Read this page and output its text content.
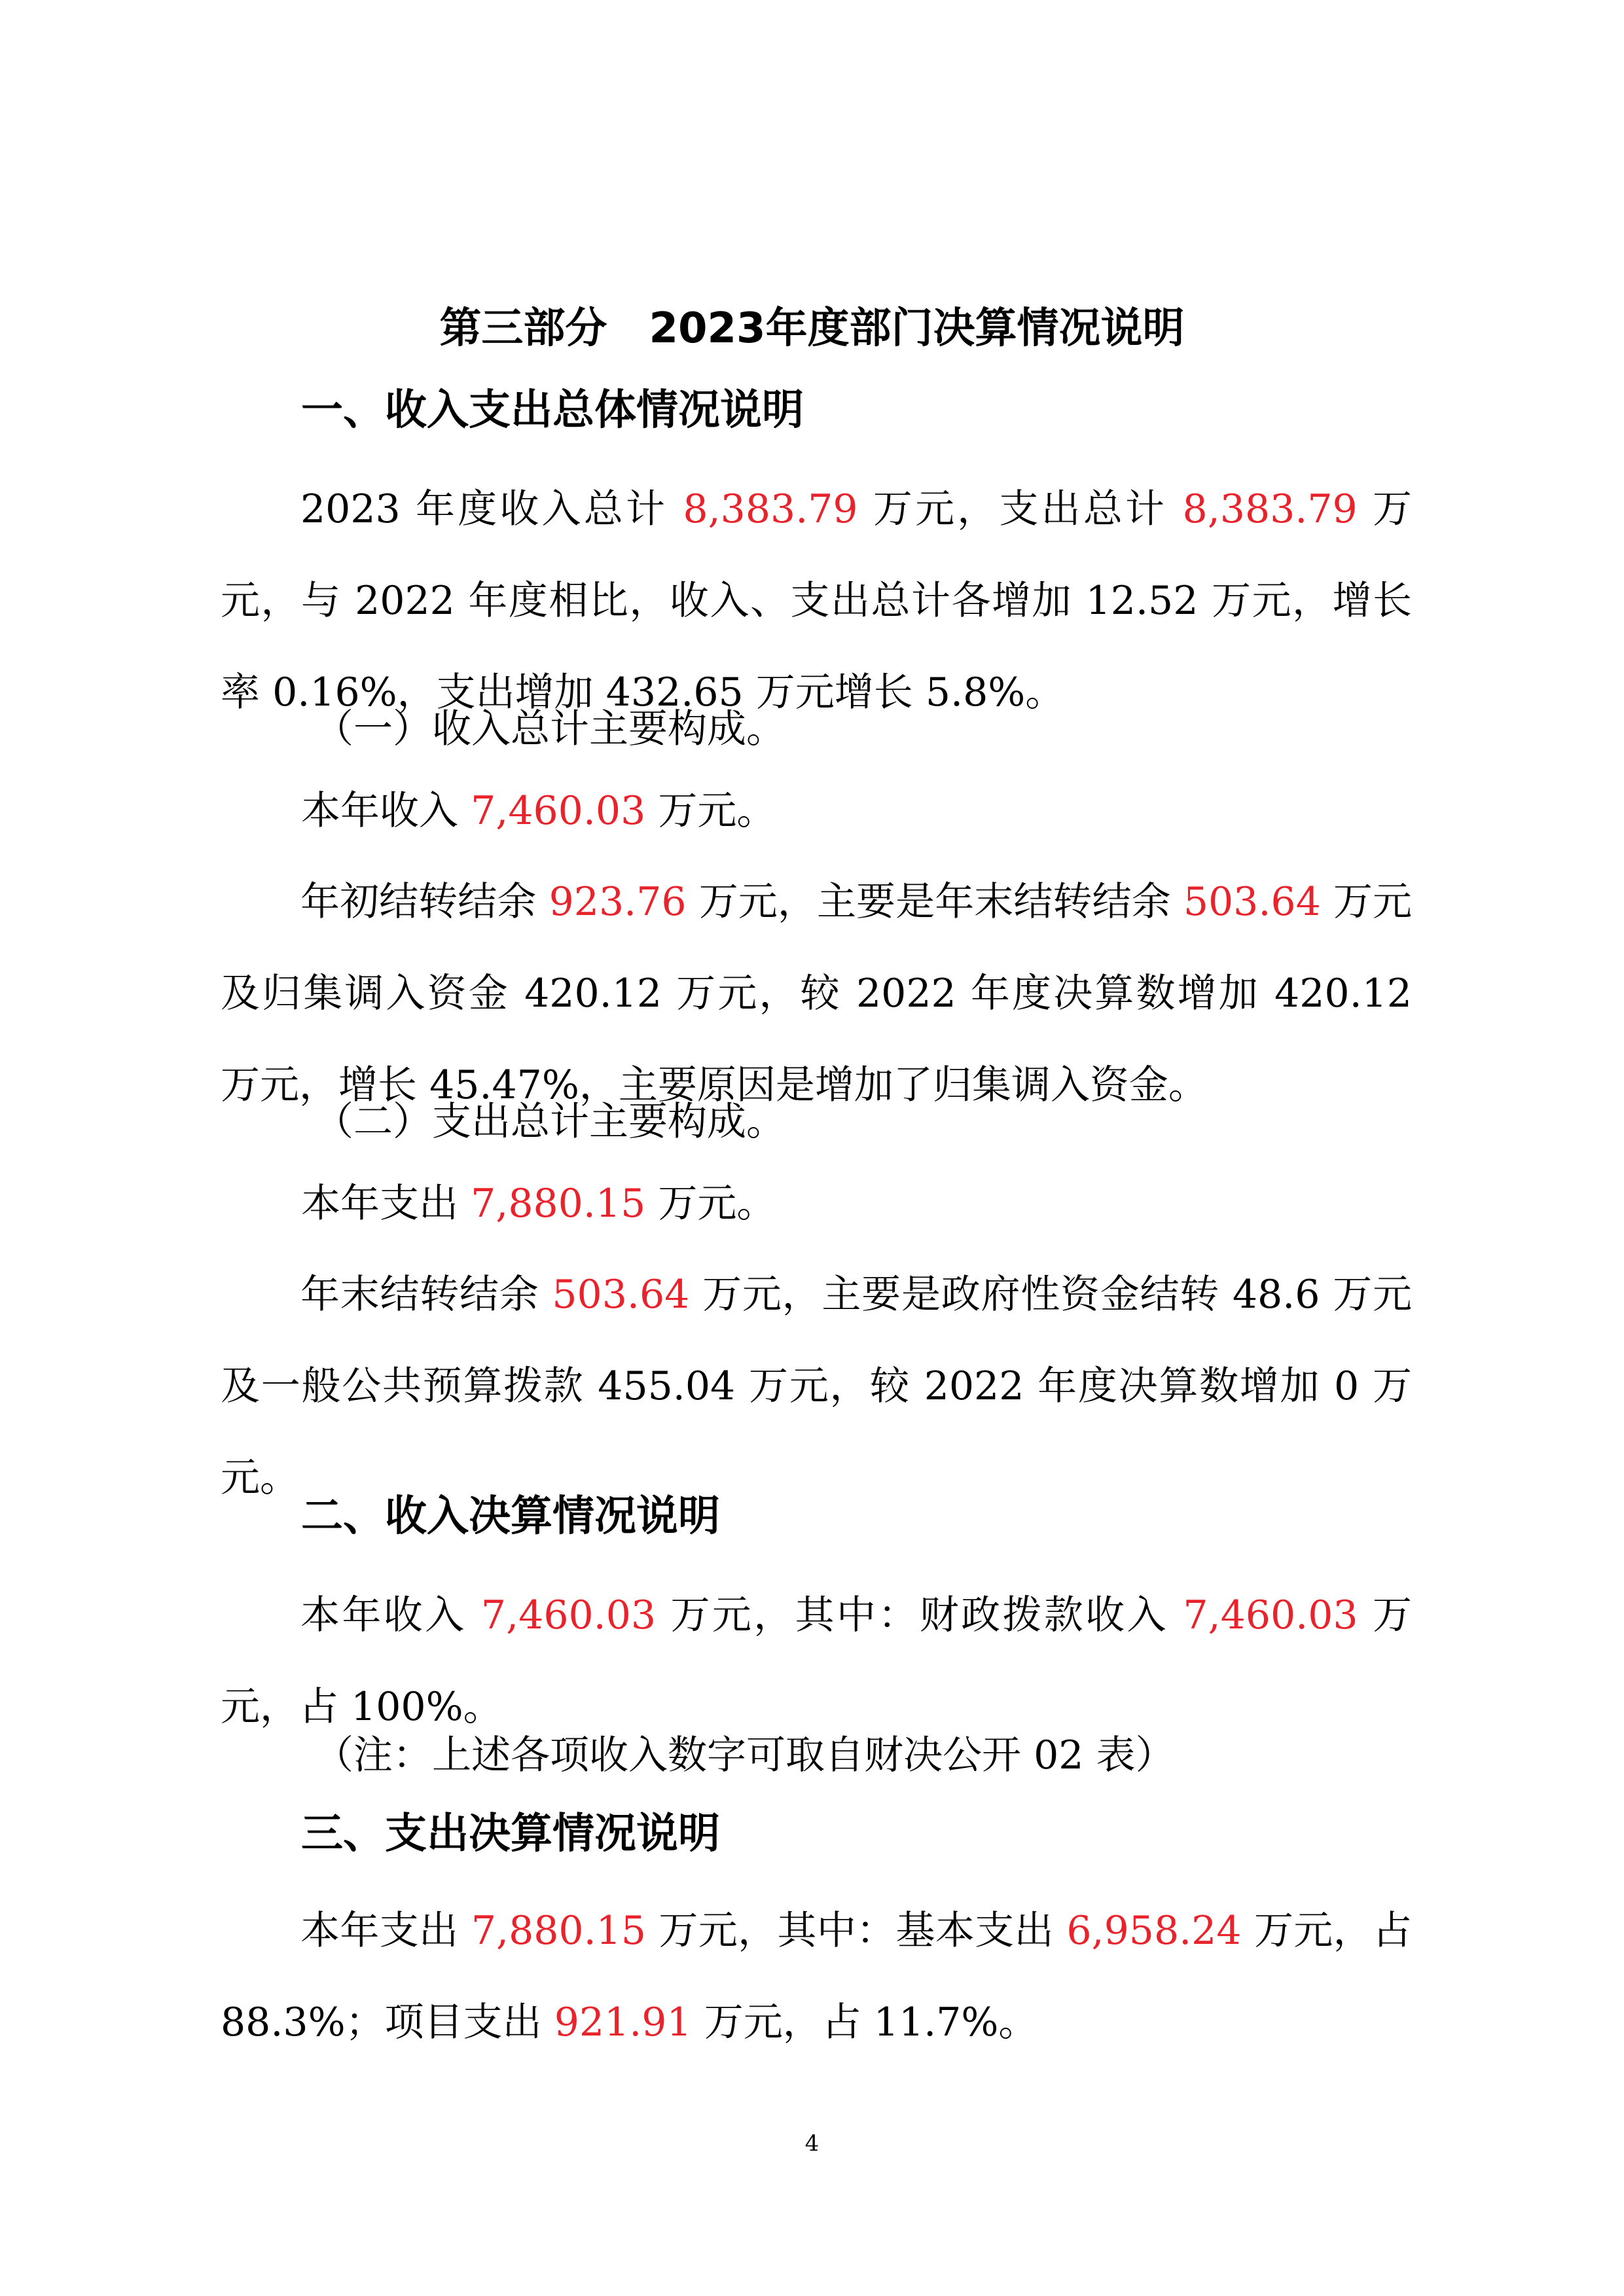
第三部分 2023年度部门决算情况说明
一、收入支出总体情况说明
2023 年度收入总计 8,383.79 万元，支出总计 8,383.79 万元，与 2022 年度相比，收入、支出总计各增加 12.52 万元，增长率 0.16%，支出增加 432.65 万元增长 5.8%。
（一）收入总计主要构成。
本年收入 7,460.03 万元。
年初结转结余 923.76 万元，主要是年末结转结余 503.64 万元及归集调入资金 420.12 万元，较 2022 年度决算数增加 420.12 万元，增长 45.47%，主要原因是增加了归集调入资金。
（二）支出总计主要构成。
本年支出 7,880.15 万元。
年末结转结余 503.64 万元，主要是政府性资金结转 48.6 万元及一般公共预算拨款 455.04 万元，较 2022 年度决算数增加 0 万元。
二、收入决算情况说明
本年收入 7,460.03 万元，其中：财政拨款收入 7,460.03 万元，占 100%。
（注：上述各项收入数字可取自财决公开 02 表）
三、支出决算情况说明
本年支出 7,880.15 万元，其中：基本支出 6,958.24 万元，占 88.3%；项目支出 921.91 万元，占 11.7%。
4
